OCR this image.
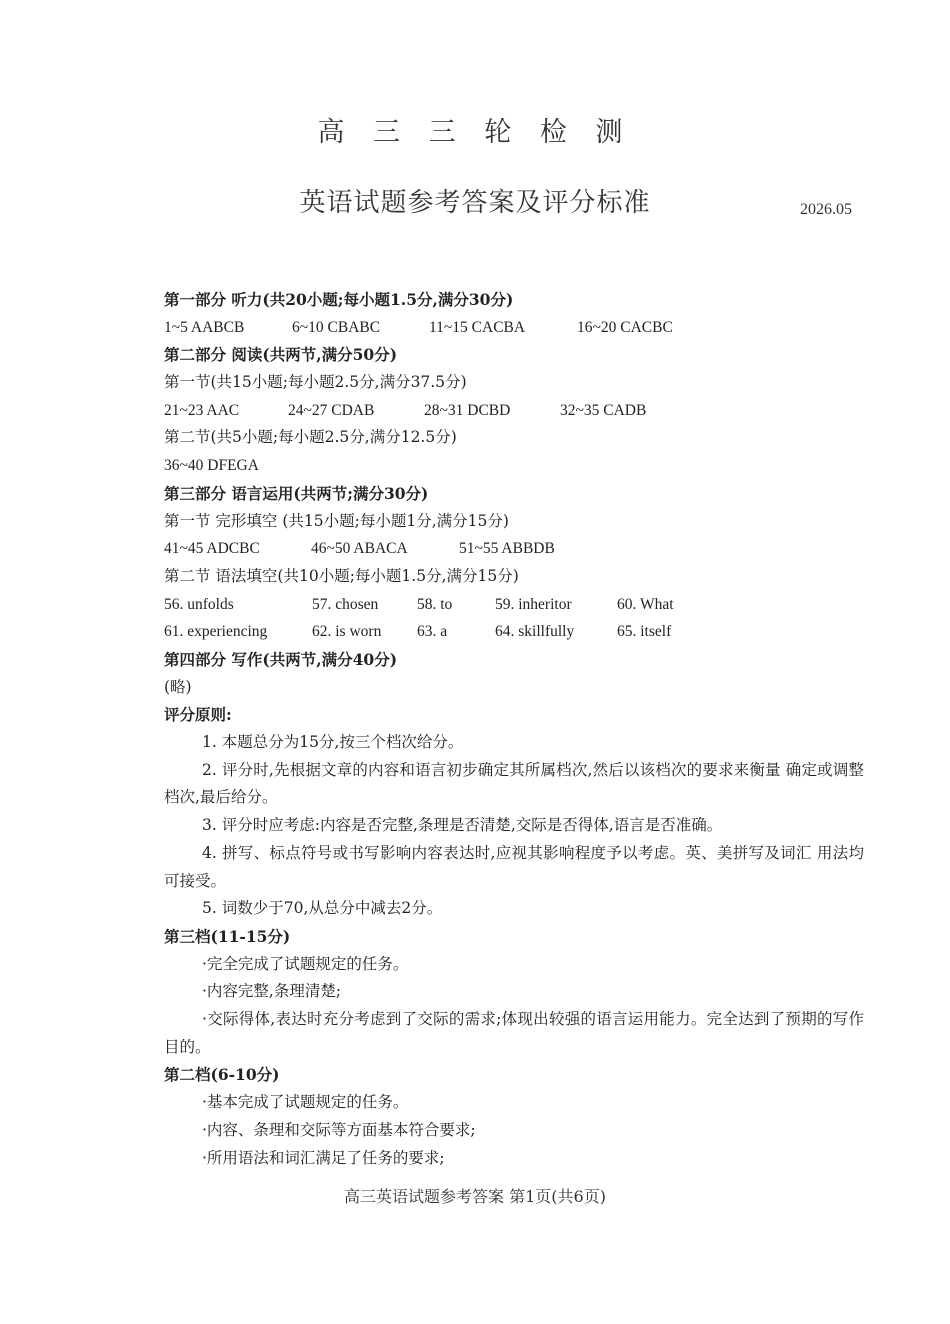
高 三 三 轮 检 测
英语试题参考答案及评分标准	2026.05
第一部分 听力(共20小题;每小题1.5分,满分30分)
1~5 AABCB	6~10 CBABC	11~15 CACBA	16~20 CACBC
第二部分 阅读(共两节,满分50分)
第一节(共15小题;每小题2.5分,满分37.5分)
21~23 AAC	24~27 CDAB	28~31 DCBD	32~35 CADB
第二节(共5小题;每小题2.5分,满分12.5分)
36~40 DFEGA
第三部分 语言运用(共两节;满分30分)
第一节 完形填空 (共15小题;每小题1分,满分15分)
41~45 ADCBC	46~50 ABACA	51~55 ABBDB
第二节 语法填空(共10小题;每小题1.5分,满分15分)
56. unfolds	57. chosen	58. to	59. inheritor	60. What
61. experiencing	62. is worn	63. a	64. skillfully	65. itself
第四部分 写作(共两节,满分40分)
(略)
评分原则:
1. 本题总分为15分,按三个档次给分。
2. 评分时,先根据文章的内容和语言初步确定其所属档次,然后以该档次的要求来衡量 确定或调整档次,最后给分。
3. 评分时应考虑:内容是否完整,条理是否清楚,交际是否得体,语言是否准确。
4. 拼写、标点符号或书写影响内容表达时,应视其影响程度予以考虑。英、美拼写及词汇 用法均可接受。
5. 词数少于70,从总分中减去2分。
第三档(11-15分)
·完全完成了试题规定的任务。
·内容完整,条理清楚;
·交际得体,表达时充分考虑到了交际的需求;体现出较强的语言运用能力。完全达到了预期的写作目的。
第二档(6-10分)
·基本完成了试题规定的任务。
·内容、条理和交际等方面基本符合要求;
·所用语法和词汇满足了任务的要求;
高三英语试题参考答案 第1页(共6页)
